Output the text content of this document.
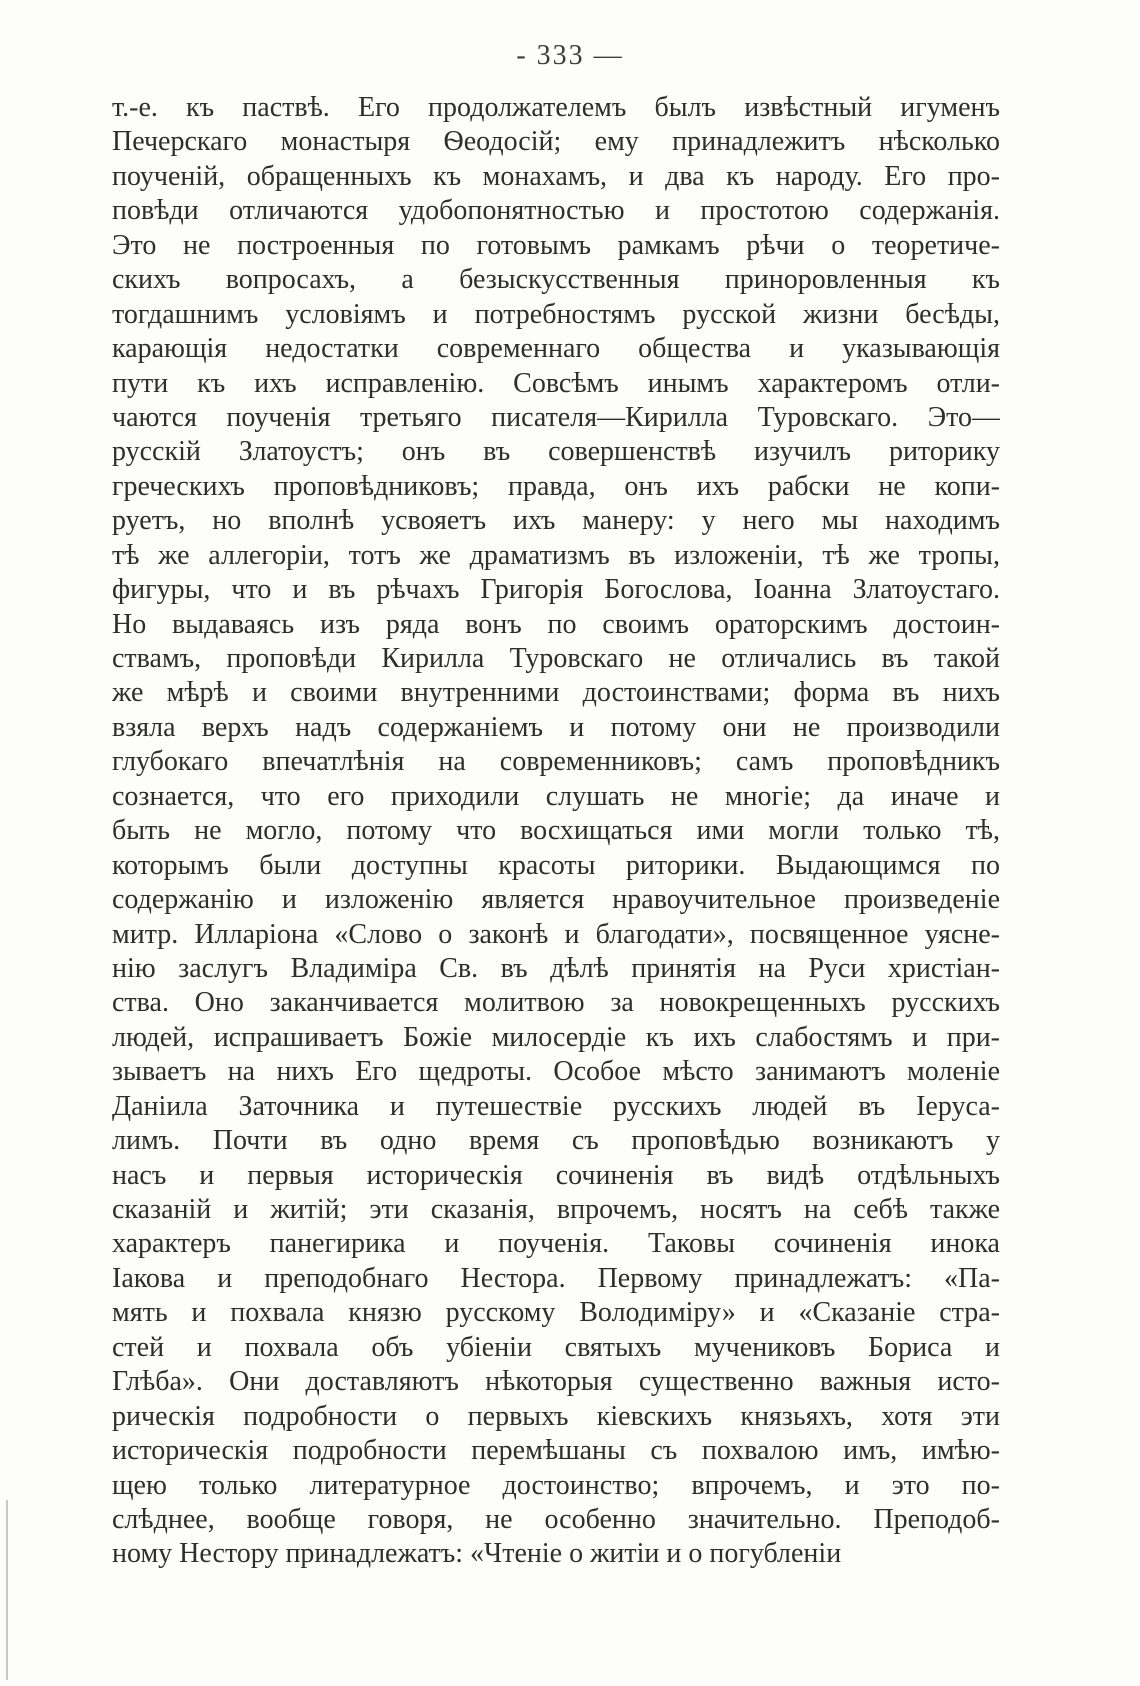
- 333 —
т.-е. къ паствѣ. Его продолжателемъ былъ извѣстный игуменъ
Печерскаго монастыря Ѳеодосій; ему принадлежитъ нѣсколько
поученій, обращенныхъ къ монахамъ, и два къ народу. Его про-
повѣди отличаются удобопонятностью и простотою содержанія.
Это не построенныя по готовымъ рамкамъ рѣчи о теоретиче-
скихъ вопросахъ, а безыскусственныя приноровленныя къ
тогдашнимъ условіямъ и потребностямъ русской жизни бесѣды,
карающія недостатки современнаго общества и указывающія
пути къ ихъ исправленію. Совсѣмъ инымъ характеромъ отли-
чаются поученія третьяго писателя—Кирилла Туровскаго. Это—
русскій Златоустъ; онъ въ совершенствѣ изучилъ риторику
греческихъ проповѣдниковъ; правда, онъ ихъ рабски не копи-
руетъ, но вполнѣ усвояетъ ихъ манеру: у него мы находимъ
тѣ же аллегоріи, тотъ же драматизмъ въ изложеніи, тѣ же тропы,
фигуры, что и въ рѣчахъ Григорія Богослова, Іоанна Златоустаго.
Но выдаваясь изъ ряда вонъ по своимъ ораторскимъ достоин-
ствамъ, проповѣди Кирилла Туровскаго не отличались въ такой
же мѣрѣ и своими внутренними достоинствами; форма въ нихъ
взяла верхъ надъ содержаніемъ и потому они не производили
глубокаго впечатлѣнія на современниковъ; самъ проповѣдникъ
сознается, что его приходили слушать не многіе; да иначе и
быть не могло, потому что восхищаться ими могли только тѣ,
которымъ были доступны красоты риторики. Выдающимся по
содержанію и изложенію является нравоучительное произведеніе
митр. Илларіона «Слово о законѣ и благодати», посвященное уясне-
нію заслугъ Владиміра Св. въ дѣлѣ принятія на Руси христіан-
ства. Оно заканчивается молитвою за новокрещенныхъ русскихъ
людей, испрашиваетъ Божіе милосердіе къ ихъ слабостямъ и при-
зываетъ на нихъ Его щедроты. Особое мѣсто занимаютъ моленіе
Даніила Заточника и путешествіе русскихъ людей въ Іеруса-
лимъ. Почти въ одно время съ проповѣдью возникаютъ у
насъ и первыя историческія сочиненія въ видѣ отдѣльныхъ
сказаній и житій; эти сказанія, впрочемъ, носятъ на себѣ также
характеръ панегирика и поученія. Таковы сочиненія инока
Іакова и преподобнаго Нестора. Первому принадлежатъ: «Па-
мять и похвала князю русскому Володиміру» и «Сказаніе стра-
стей и похвала объ убіеніи святыхъ мучениковъ Бориса и
Глѣба». Они доставляютъ нѣкоторыя существенно важныя исто-
рическія подробности о первыхъ кіевскихъ князьяхъ, хотя эти
историческія подробности перемѣшаны съ похвалою имъ, имѣю-
щею только литературное достоинство; впрочемъ, и это по-
слѣднее, вообще говоря, не особенно значительно. Преподоб-
ному Нестору принадлежатъ: «Чтеніе о житіи и о погубленіи
